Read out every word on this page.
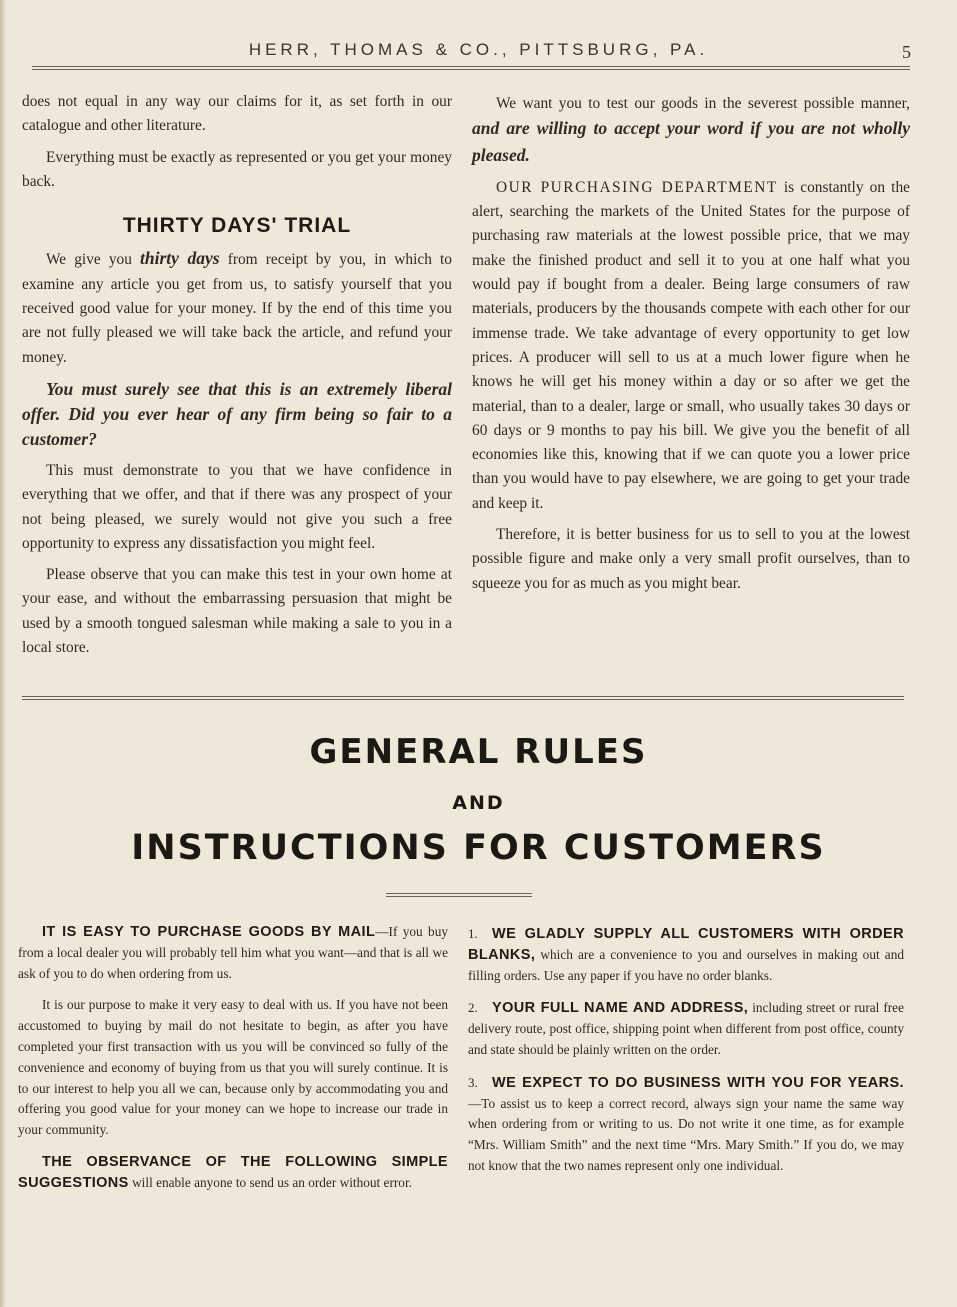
HERR, THOMAS & CO., PITTSBURG, PA.	5

does not equal in any way our claims for it, as set forth in our catalogue and other literature.

Everything must be exactly as represented or you get your money back.

THIRTY DAYS' TRIAL

We give you thirty days from receipt by you, in which to examine any article you get from us, to satisfy yourself that you received good value for your money. If by the end of this time you are not fully pleased we will take back the article, and refund your money.

You must surely see that this is an extremely liberal offer. Did you ever hear of any firm being so fair to a customer?

This must demonstrate to you that we have confidence in everything that we offer, and that if there was any prospect of your not being pleased, we surely would not give you such a free opportunity to express any dissatisfaction you might feel.

Please observe that you can make this test in your own home at your ease, and without the embarrassing persuasion that might be used by a smooth tongued salesman while making a sale to you in a local store.

We want you to test our goods in the severest possible manner, and are willing to accept your word if you are not wholly pleased.

OUR PURCHASING DEPARTMENT is constantly on the alert, searching the markets of the United States for the purpose of purchasing raw materials at the lowest possible price, that we may make the finished product and sell it to you at one half what you would pay if bought from a dealer. Being large consumers of raw materials, producers by the thousands compete with each other for our immense trade. We take advantage of every opportunity to get low prices. A producer will sell to us at a much lower figure when he knows he will get his money within a day or so after we get the material, than to a dealer, large or small, who usually takes 30 days or 60 days or 9 months to pay his bill. We give you the benefit of all economies like this, knowing that if we can quote you a lower price than you would have to pay elsewhere, we are going to get your trade and keep it.

Therefore, it is better business for us to sell to you at the lowest possible figure and make only a very small profit ourselves, than to squeeze you for as much as you might bear.

GENERAL RULES
AND
INSTRUCTIONS FOR CUSTOMERS

IT IS EASY TO PURCHASE GOODS BY MAIL—If you buy from a local dealer you will probably tell him what you want—and that is all we ask of you to do when ordering from us.

It is our purpose to make it very easy to deal with us. If you have not been accustomed to buying by mail do not hesitate to begin, as after you have completed your first transaction with us you will be convinced so fully of the convenience and economy of buying from us that you will surely continue. It is to our interest to help you all we can, because only by accommodating you and offering you good value for your money can we hope to increase our trade in your community.

THE OBSERVANCE OF THE FOLLOWING SIMPLE SUGGESTIONS will enable anyone to send us an order without error.

1. WE GLADLY SUPPLY ALL CUSTOMERS WITH ORDER BLANKS, which are a convenience to you and ourselves in making out and filling orders. Use any paper if you have no order blanks.

2. YOUR FULL NAME AND ADDRESS, including street or rural free delivery route, post office, shipping point when different from post office, county and state should be plainly written on the order.

3. WE EXPECT TO DO BUSINESS WITH YOU FOR YEARS.—To assist us to keep a correct record, always sign your name the same way when ordering from or writing to us. Do not write it one time, as for example “Mrs. William Smith” and the next time “Mrs. Mary Smith.” If you do, we may not know that the two names represent only one individual.
